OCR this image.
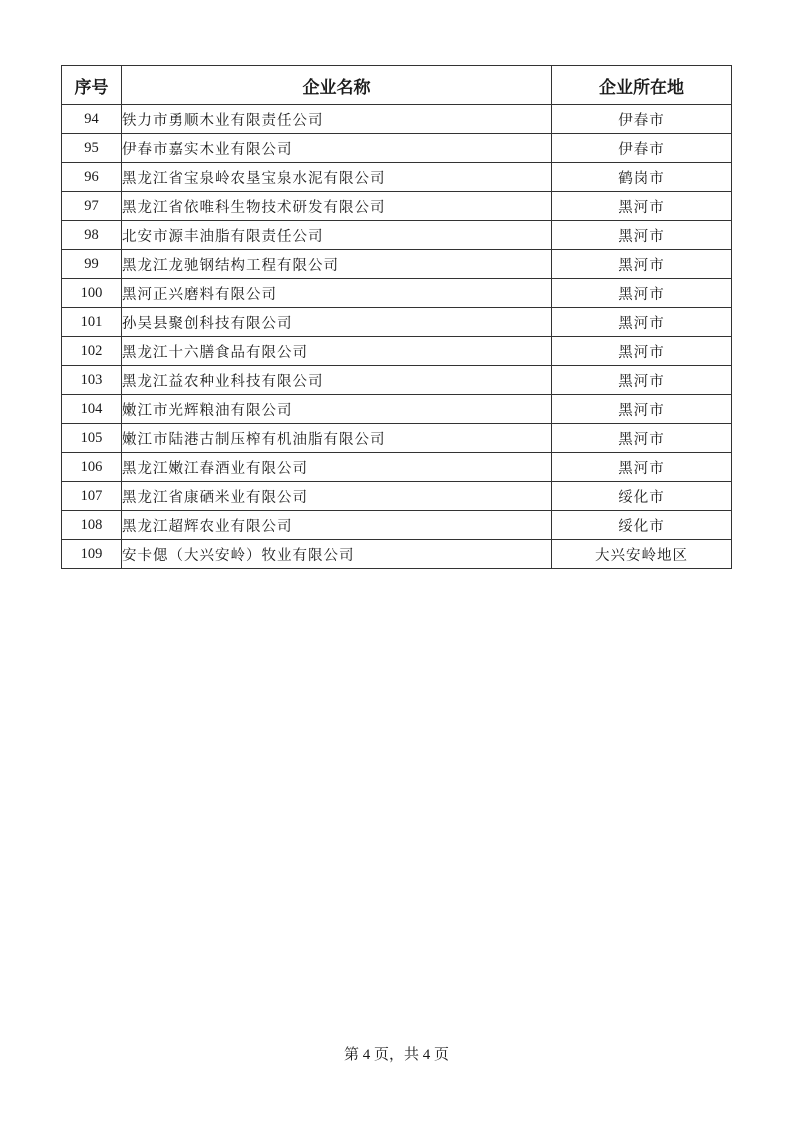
序号	企业名称	企业所在地
94	铁力市勇顺木业有限责任公司	伊春市
95	伊春市嘉实木业有限公司	伊春市
96	黑龙江省宝泉岭农垦宝泉水泥有限公司	鹤岗市
97	黑龙江省依唯科生物技术研发有限公司	黑河市
98	北安市源丰油脂有限责任公司	黑河市
99	黑龙江龙驰钢结构工程有限公司	黑河市
100	黑河正兴磨料有限公司	黑河市
101	孙吴县聚创科技有限公司	黑河市
102	黑龙江十六膳食品有限公司	黑河市
103	黑龙江益农种业科技有限公司	黑河市
104	嫩江市光辉粮油有限公司	黑河市
105	嫩江市陆港古制压榨有机油脂有限公司	黑河市
106	黑龙江嫩江春酒业有限公司	黑河市
107	黑龙江省康硒米业有限公司	绥化市
108	黑龙江超辉农业有限公司	绥化市
109	安卡偲（大兴安岭）牧业有限公司	大兴安岭地区
第 4 页，共 4 页
